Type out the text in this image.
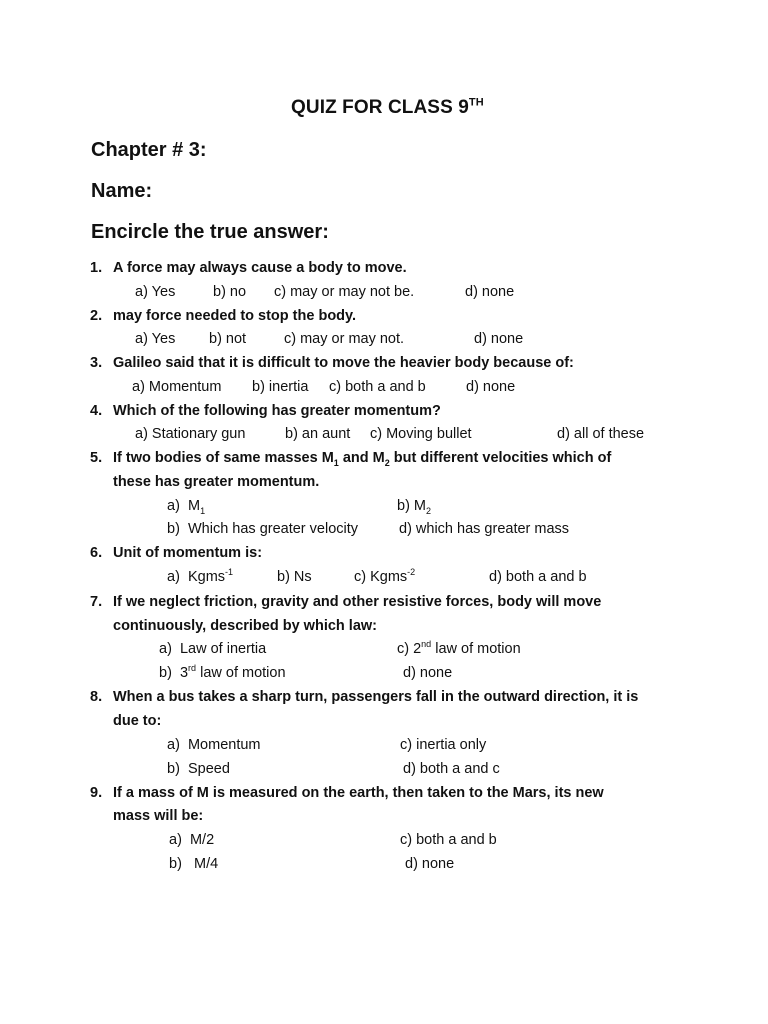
QUIZ FOR CLASS 9TH
Chapter # 3:
Name:
Encircle the true answer:
1. A force may always cause a body to move.
a) Yes	b) no c) may or may not be.	d) none
2. may force needed to stop the body.
a) Yes b) not	c) may or may not.	d) none
3. Galileo said that it is difficult to move the heavier body because of:
a) Momentum b) inertia c) both a and b	d) none
4. Which of the following has greater momentum?
a) Stationary gun	b) an aunt c) Moving bullet	d) all of these
5. If two bodies of same masses $M_1$ and $M_2$ but different velocities which of
these has greater momentum.
a) $M_1$	b) $M_2$
b) Which has greater velocity	d) which has greater mass
6. Unit of momentum is:
a) Kgms$^{-1}$	b) Ns	c) Kgms$^{-2}$	d) both a and b
7. If we neglect friction, gravity and other resistive forces, body will move
continuously, described by which law:
a) Law of inertia	c) 2nd law of motion
b) 3rd law of motion	d) none
8. When a bus takes a sharp turn, passengers fall in the outward direction, it is
due to:
a) Momentum	c) inertia only
b) Speed	d) both a and c
9. If a mass of M is measured on the earth, then taken to the Mars, its new
mass will be:
a) M/2	c) both a and b
b) M/4	d) none
